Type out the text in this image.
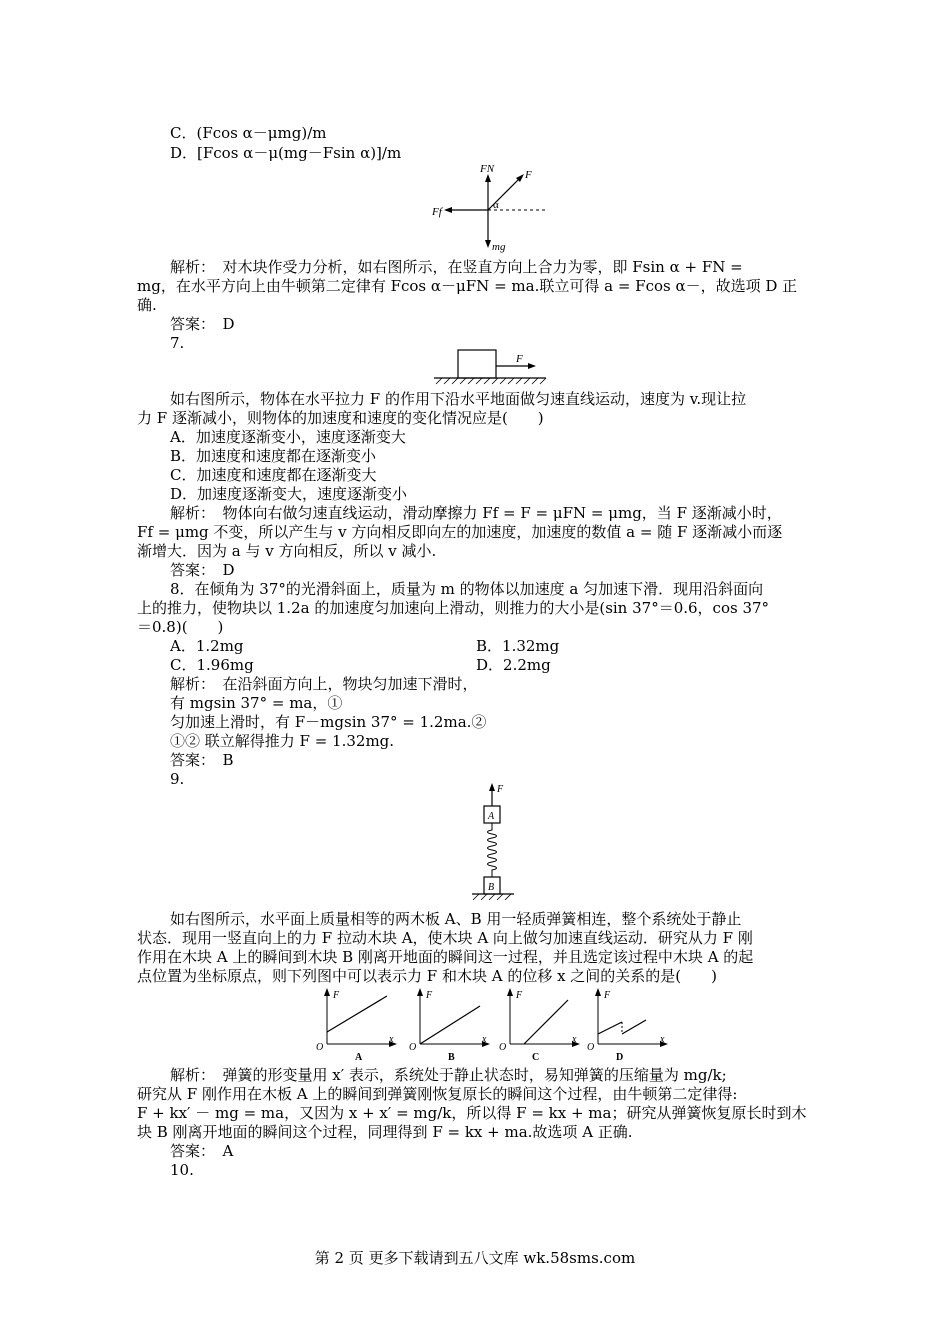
C．(Fcos α－μmg)/m
D．[Fcos α－μ(mg－Fsin α)]/m
FN	F
α
Ff
mg
解析：　对木块作受力分析，如右图所示，在竖直方向上合力为零，即 Fsin α + FN =
mg，在水平方向上由牛顿第二定律有 Fcos α－μFN = ma.联立可得 a = Fcos α－，故选项 D 正
确.
答案：　D
7.
F
如右图所示，物体在水平拉力 F 的作用下沿水平地面做匀速直线运动，速度为 v.现让拉
力 F 逐渐减小，则物体的加速度和速度的变化情况应是(　　)
A．加速度逐渐变小，速度逐渐变大
B．加速度和速度都在逐渐变小
C．加速度和速度都在逐渐变大
D．加速度逐渐变大，速度逐渐变小
解析：　物体向右做匀速直线运动，滑动摩擦力 Ff = F = μFN = μmg，当 F 逐渐减小时，
Ff = μmg 不变，所以产生与 v 方向相反即向左的加速度，加速度的数值 a = 随 F 逐渐减小而逐
渐增大．因为 a 与 v 方向相反，所以 v 减小.
答案：　D
8．在倾角为 37°的光滑斜面上，质量为 m 的物体以加速度 a 匀加速下滑．现用沿斜面向
上的推力，使物块以 1.2a 的加速度匀加速向上滑动，则推力的大小是(sin 37°＝0.6，cos 37°
＝0.8)(　　)
A．1.2mg	B．1.32mg
C．1.96mg	D．2.2mg
解析：　在沿斜面方向上，物块匀加速下滑时，
有 mgsin 37° = ma，①
匀加速上滑时，有 F－mgsin 37° = 1.2ma.②
①② 联立解得推力 F = 1.32mg.
答案：　B
9.
F
A
B
如右图所示，水平面上质量相等的两木板 A、B 用一轻质弹簧相连，整个系统处于静止
状态．现用一竖直向上的力 F 拉动木块 A，使木块 A 向上做匀加速直线运动．研究从力 F 刚
作用在木块 A 上的瞬间到木块 B 刚离开地面的瞬间这一过程，并且选定该过程中木块 A 的起
点位置为坐标原点，则下列图中可以表示力 F 和木块 A 的位移 x 之间的关系的是(　　)
F
O
x
A
F
O
x
B
F
O
x
C
F
O
x
D
解析：　弹簧的形变量用 x′ 表示，系统处于静止状态时，易知弹簧的压缩量为 mg/k;
研究从 F 刚作用在木板 A 上的瞬间到弹簧刚恢复原长的瞬间这个过程，由牛顿第二定律得:
F + kx′ － mg = ma，又因为 x + x′ = mg/k，所以得 F = kx + ma；研究从弹簧恢复原长时到木
块 B 刚离开地面的瞬间这个过程，同理得到 F = kx + ma.故选项 A 正确.
答案：　A
10.
第 2 页 更多下载请到五八文库 wk.58sms.com
